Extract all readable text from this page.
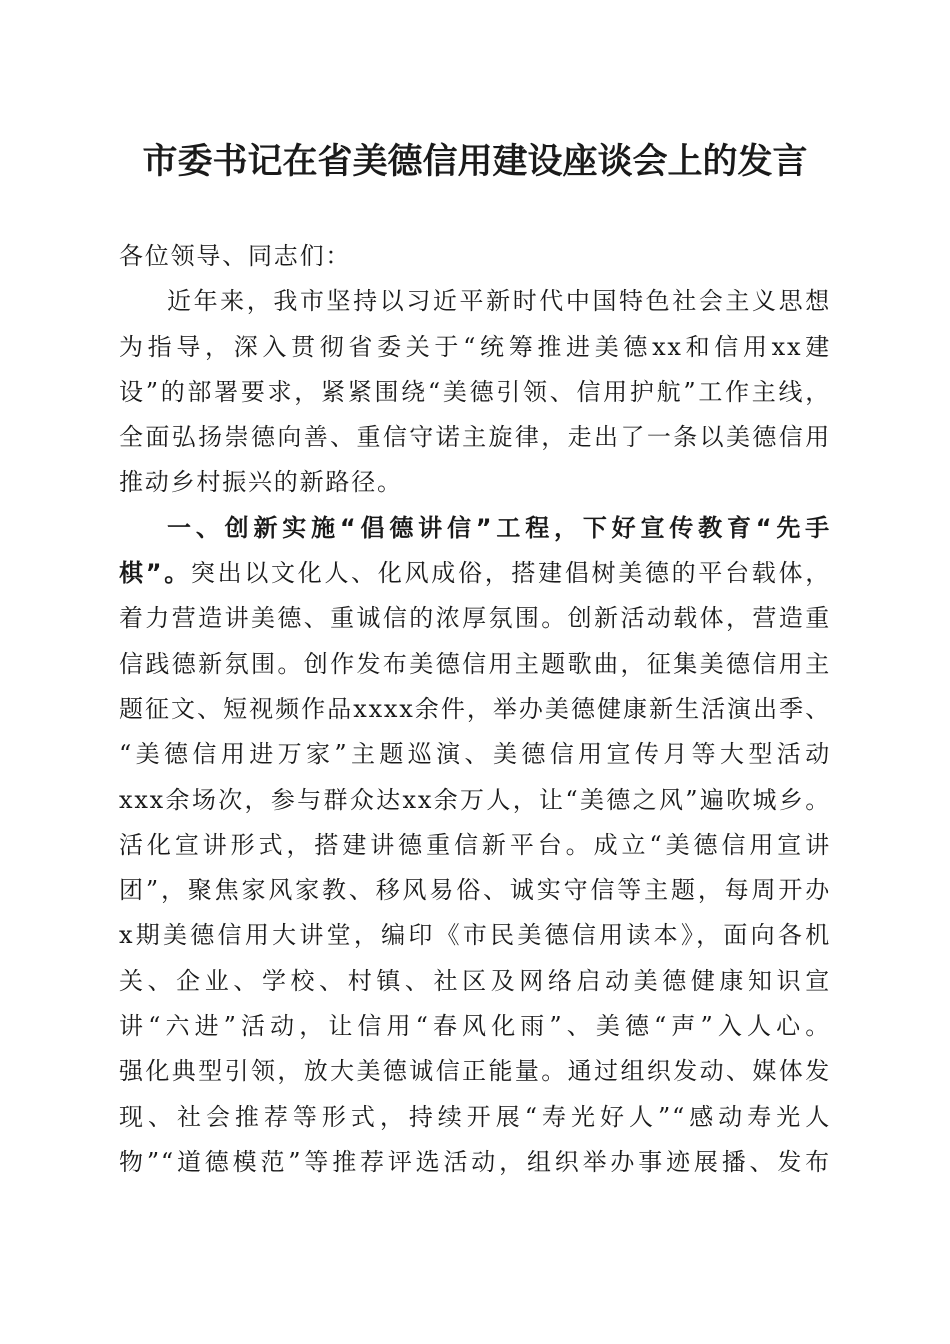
市委书记在省美德信用建设座谈会上的发言
各位领导、同志们：
近年来，我市坚持以习近平新时代中国特色社会主义思想
为指导，深入贯彻省委关于“统筹推进美德xx和信用xx建
设”的部署要求，紧紧围绕“美德引领、信用护航”工作主线，
全面弘扬崇德向善、重信守诺主旋律，走出了一条以美德信用
推动乡村振兴的新路径。
一、创新实施“倡德讲信”工程，下好宣传教育“先手
棋”。突出以文化人、化风成俗，搭建倡树美德的平台载体，
着力营造讲美德、重诚信的浓厚氛围。创新活动载体，营造重
信践德新氛围。创作发布美德信用主题歌曲，征集美德信用主
题征文、短视频作品xxxx余件，举办美德健康新生活演出季、
“美德信用进万家”主题巡演、美德信用宣传月等大型活动
xxx余场次，参与群众达xx余万人，让“美德之风”遍吹城乡。
活化宣讲形式，搭建讲德重信新平台。成立“美德信用宣讲
团”，聚焦家风家教、移风易俗、诚实守信等主题，每周开办
x期美德信用大讲堂，编印《市民美德信用读本》，面向各机
关、企业、学校、村镇、社区及网络启动美德健康知识宣
讲“六进”活动，让信用“春风化雨”、美德“声”入人心。
强化典型引领，放大美德诚信正能量。通过组织发动、媒体发
现、社会推荐等形式，持续开展“寿光好人”“感动寿光人
物”“道德模范”等推荐评选活动，组织举办事迹展播、发布
